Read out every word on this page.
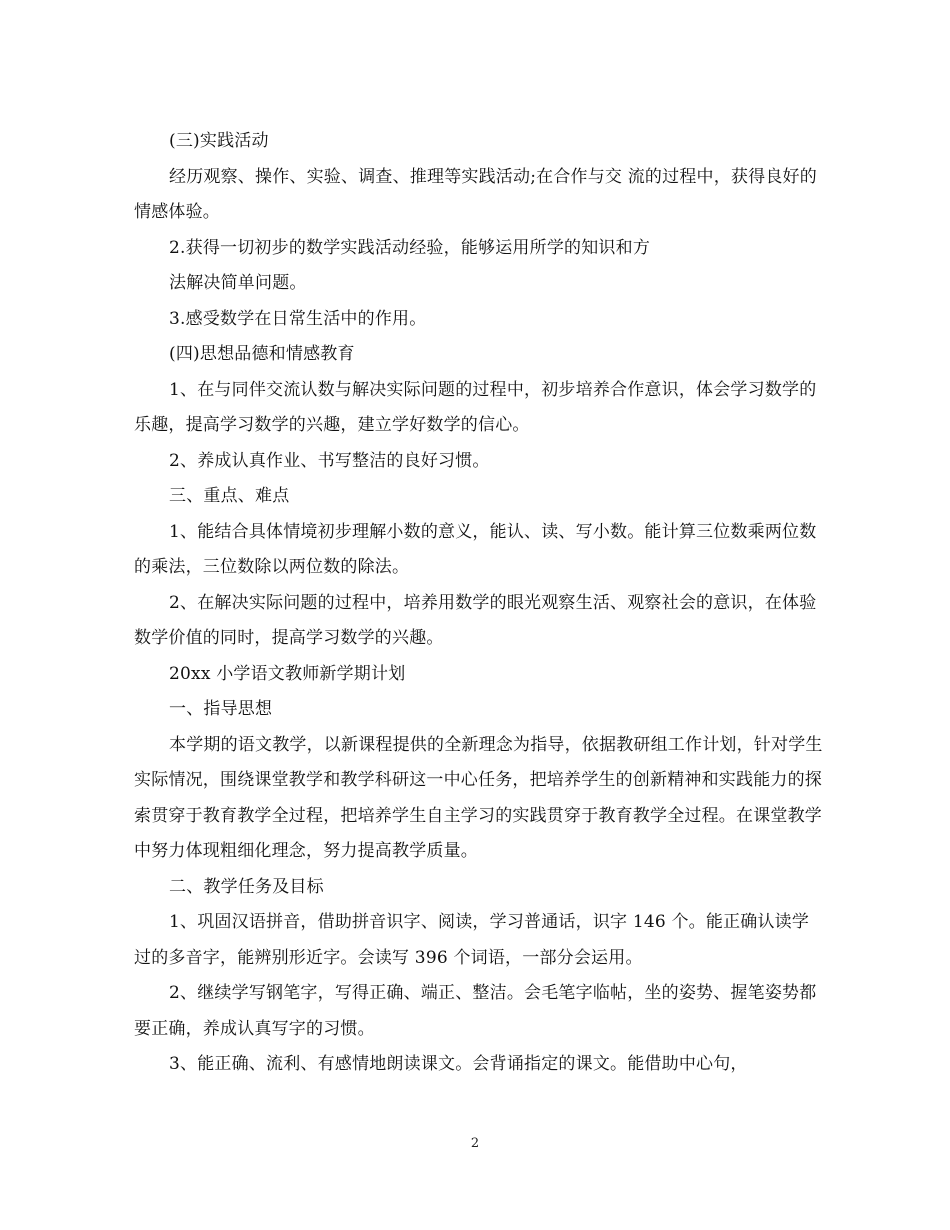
(三)实践活动

经历观察、操作、实验、调查、推理等实践活动;在合作与交 流的过程中，获得良好的情感体验。

2.获得一切初步的数学实践活动经验，能够运用所学的知识和方

法解决简单问题。

3.感受数学在日常生活中的作用。

(四)思想品德和情感教育

1、在与同伴交流认数与解决实际问题的过程中，初步培养合作意识，体会学习数学的乐趣，提高学习数学的兴趣，建立学好数学的信心。

2、养成认真作业、书写整洁的良好习惯。

三、重点、难点

1、能结合具体情境初步理解小数的意义，能认、读、写小数。能计算三位数乘两位数的乘法，三位数除以两位数的除法。

2、在解决实际问题的过程中，培养用数学的眼光观察生活、观察社会的意识，在体验数学价值的同时，提高学习数学的兴趣。

20xx 小学语文教师新学期计划

一、指导思想

本学期的语文教学，以新课程提供的全新理念为指导，依据教研组工作计划，针对学生实际情况，围绕课堂教学和教学科研这一中心任务，把培养学生的创新精神和实践能力的探索贯穿于教育教学全过程，把培养学生自主学习的实践贯穿于教育教学全过程。在课堂教学中努力体现粗细化理念，努力提高教学质量。

二、教学任务及目标

1、巩固汉语拼音，借助拼音识字、阅读，学习普通话，识字 146 个。能正确认读学过的多音字，能辨别形近字。会读写 396 个词语，一部分会运用。

2、继续学写钢笔字，写得正确、端正、整洁。会毛笔字临帖，坐的姿势、握笔姿势都要正确，养成认真写字的习惯。

3、能正确、流利、有感情地朗读课文。会背诵指定的课文。能借助中心句，

2
